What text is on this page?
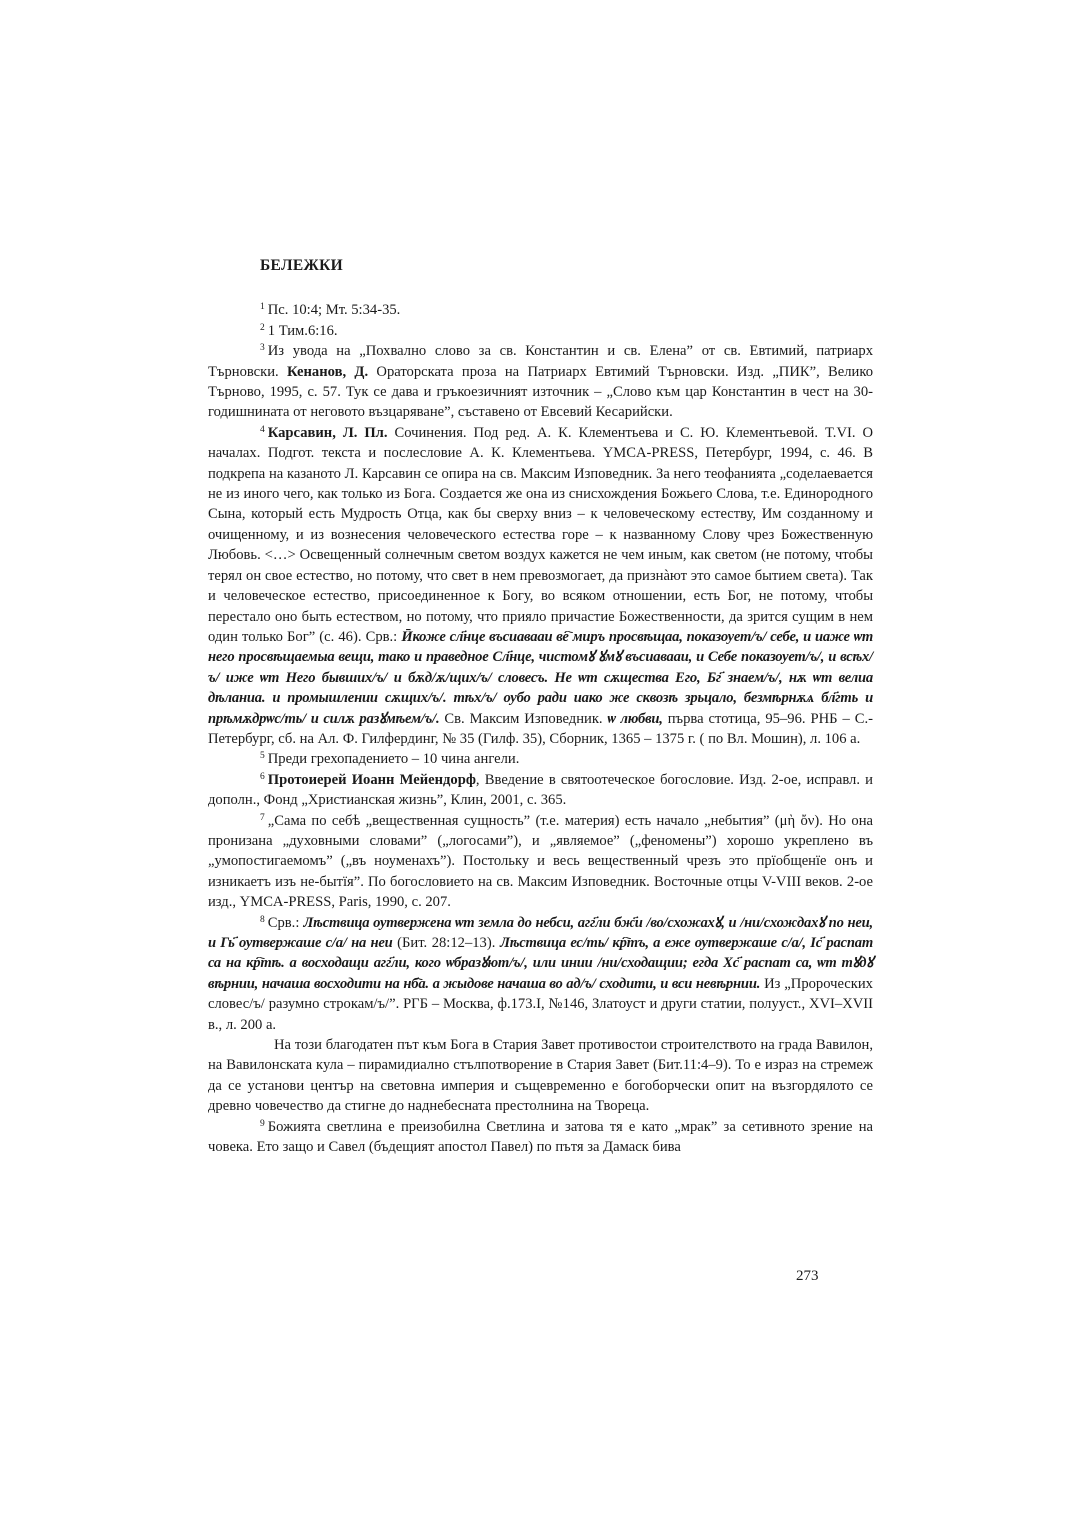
БЕЛЕЖКИ

$^1$ Пс. 10:4; Мт. 5:34-35.

$^2$ 1 Тим.6:16.

$^3$ Из увода на „Похвално слово за св. Константин и св. Елена” от св. Евтимий, патриарх Търновски. Кенанов, Д. Ораторската проза на Патриарх Евтимий Търновски. Изд. „ПИК”, Велико Търново, 1995, с. 57. Тук се дава и гръкоезичният източник – „Слово към цар Константин в чест на 30-годишнината от неговото възцаряване”, съставено от Евсевий Кесарийски.

$^4$ Карсавин, Л. Пл. Сочинения. Под ред. А. К. Клементьева и С. Ю. Клементьевой. T.VI. О началах. Подгот. текста и послесловие А. К. Клементьева. YMCA-PRESS, Петербург, 1994, с. 46. В подкрепа на казаното Л. Карсавин се опира на св. Максим Изповедник. За него теофанията „соделаевается не из иного чего, как только из Бога. Создается же она из снисхождения Божьего Слова, т.е. Единородного Сына, который есть Мудрость Отца, как бы сверху вниз – к человеческому естеству, Им созданному и очищенному, и из вознесения человеческого естества горе – к названному Слову чрез Божественную Любовь. <…> Освещенный солнечным светом воздух кажется не чем иным, как светом (не потому, чтобы терял он свое естество, но потому, что свет в нем превозмогает, да признàют это самое бытием света). Так и человеческое естество, присоединенное к Богу, во всяком отношении, есть Бог, не потому, чтобы перестало оно быть естеством, но потому, что прияло причастие Божественности, да зрится сущим в нем один только Бог” (с. 46). Срв.: Ӣкоже сл҃нце въсиавааи ве҇ миръ просвѣщаа, показоует/ъ/ себе, и иаже ѡт него просвѣщаемыа вещи, тако и праведное Сл҃нце, чистомꙋ ꙋмꙋ въсиавааи, и Себе показоует/ъ/, и всѣх/ъ/ иже ѡт Него бывших/ъ/ и бѫд/ѫ/щих/ъ/ словесъ. Не ѡт сѫщества Его, Бг҃ знаем/ъ/, нѫ ѡт велиа дѣланиа. и промышлении сѫщих/ъ/. тѣх/ъ/ оубо ради иако же сквозѣ зрьцало, безмѣрнѫѧ бл҃гть и прѣмѫдрѡс/ть/ и силѫ разꙋмѣем/ъ/. Св. Максим Изповедник. ѡ любви, първа стотица, 95–96. РНБ – С.-Петербург, сб. на Ал. Ф. Гилфердинг, № 35 (Гилф. 35), Сборник, 1365 – 1375 г. ( по Вл. Мошин), л. 106 а.

$^5$ Преди грехопадението – 10 чина ангели.

$^6$ Протоиерей Иоанн Мейендорф, Введение в святоотеческое богословие. Изд. 2-ое, исправл. и дополн., Фонд „Христианская жизнь”, Клин, 2001, с. 365.

$^7$ „Сама по себѣ „вещественная сущность” (т.е. материя) есть начало „небытия” (μὴ ὄν). Но она пронизана „духовными словами” („логосами”), и „являемое” („феномены”) хорошо укреплено въ „умопостигаемомъ” („въ ноуменахъ”). Постольку и весь вещественный чрезъ это прїобщенїе онъ и изникаетъ изъ не-бытїя”. По богословието на св. Максим Изповедник. Восточные отцы V-VIII веков. 2-ое изд., YMCA-PRESS, Paris, 1990, с. 207.

$^8$ Срв.: Лѣствица оутвержена ѡт земла до небси, агг҃ли бж҃и /во/схожахꙋ, и /ни/схождахꙋ по неи, и Гь҃ оутвержаше с/а/ на неи (Бит. 28:12–13). Лѣствица ес/ть/ кр҇тъ, а еже оутвержаше с/а/, Іс҃ распат са на кр҇тѣ. а восходащи агг҃ли, кого ѡбразꙋют/ъ/, или инии /ни/сходащии; егда Хс҃ распат са, ѡт тꙋдꙋ вѣрнии, начаша восходити на нб҇а. а жыдове начаша во ад/ъ/ сходити, и вси невѣрнии. Из „Пророческих словес/ъ/ разумно строкам/ъ/”. РГБ – Москва, ф.173.I, №146, Златоуст и други статии, полууст., XVI–XVII в., л. 200 а.

На този благодатен път към Бога в Стария Завет противостои строителството на града Вавилон, на Вавилонската кула – пирамидиално стълпотворение в Стария Завет (Бит.11:4–9). То е израз на стремеж да се установи център на световна империя и същевременно е богоборчески опит на възгордялото се древно човечество да стигне до наднебесната престолнина на Твореца.

$^9$ Божията светлина е преизобилна Светлина и затова тя е като „мрак” за сетивното зрение на човека. Ето защо и Савел (бъдещият апостол Павел) по пътя за Дамаск бива

273
